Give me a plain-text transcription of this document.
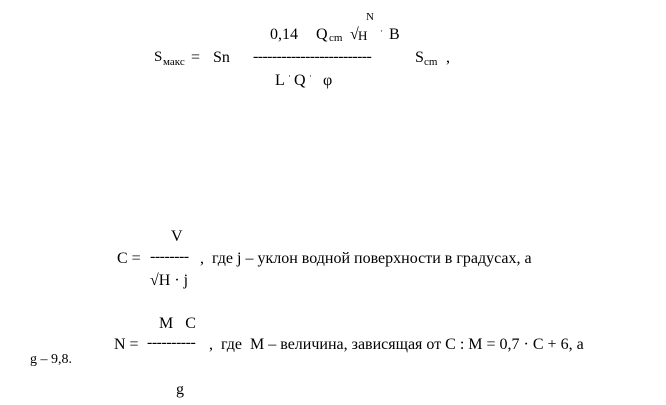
S макс = Sn
0,14 Q cm √ H
N
· B
-------------------------
L · Q · φ
S cm ,
V
C = -------- ,  где j – уклон водной поверхности в градусах, а
√H · j
M   C
N = ---------- ,  где  M – величина, зависящая от C : M = 0,7 · C + 6, а
g – 9,8.
g
